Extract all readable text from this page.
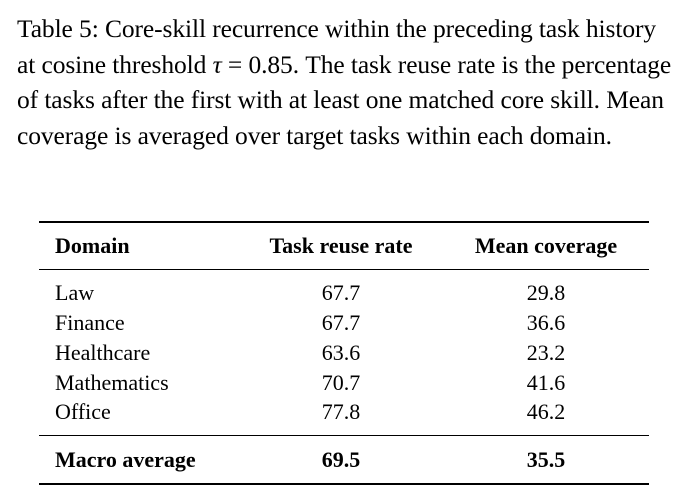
Table 5: Core-skill recurrence within the preceding task history at cosine threshold τ = 0.85. The task reuse rate is the percentage of tasks after the first with at least one matched core skill. Mean coverage is averaged over target tasks within each domain.
Domain	Task reuse rate	Mean coverage
Law	67.7	29.8
Finance	67.7	36.6
Healthcare	63.6	23.2
Mathematics	70.7	41.6
Office	77.8	46.2
Macro average	69.5	35.5
